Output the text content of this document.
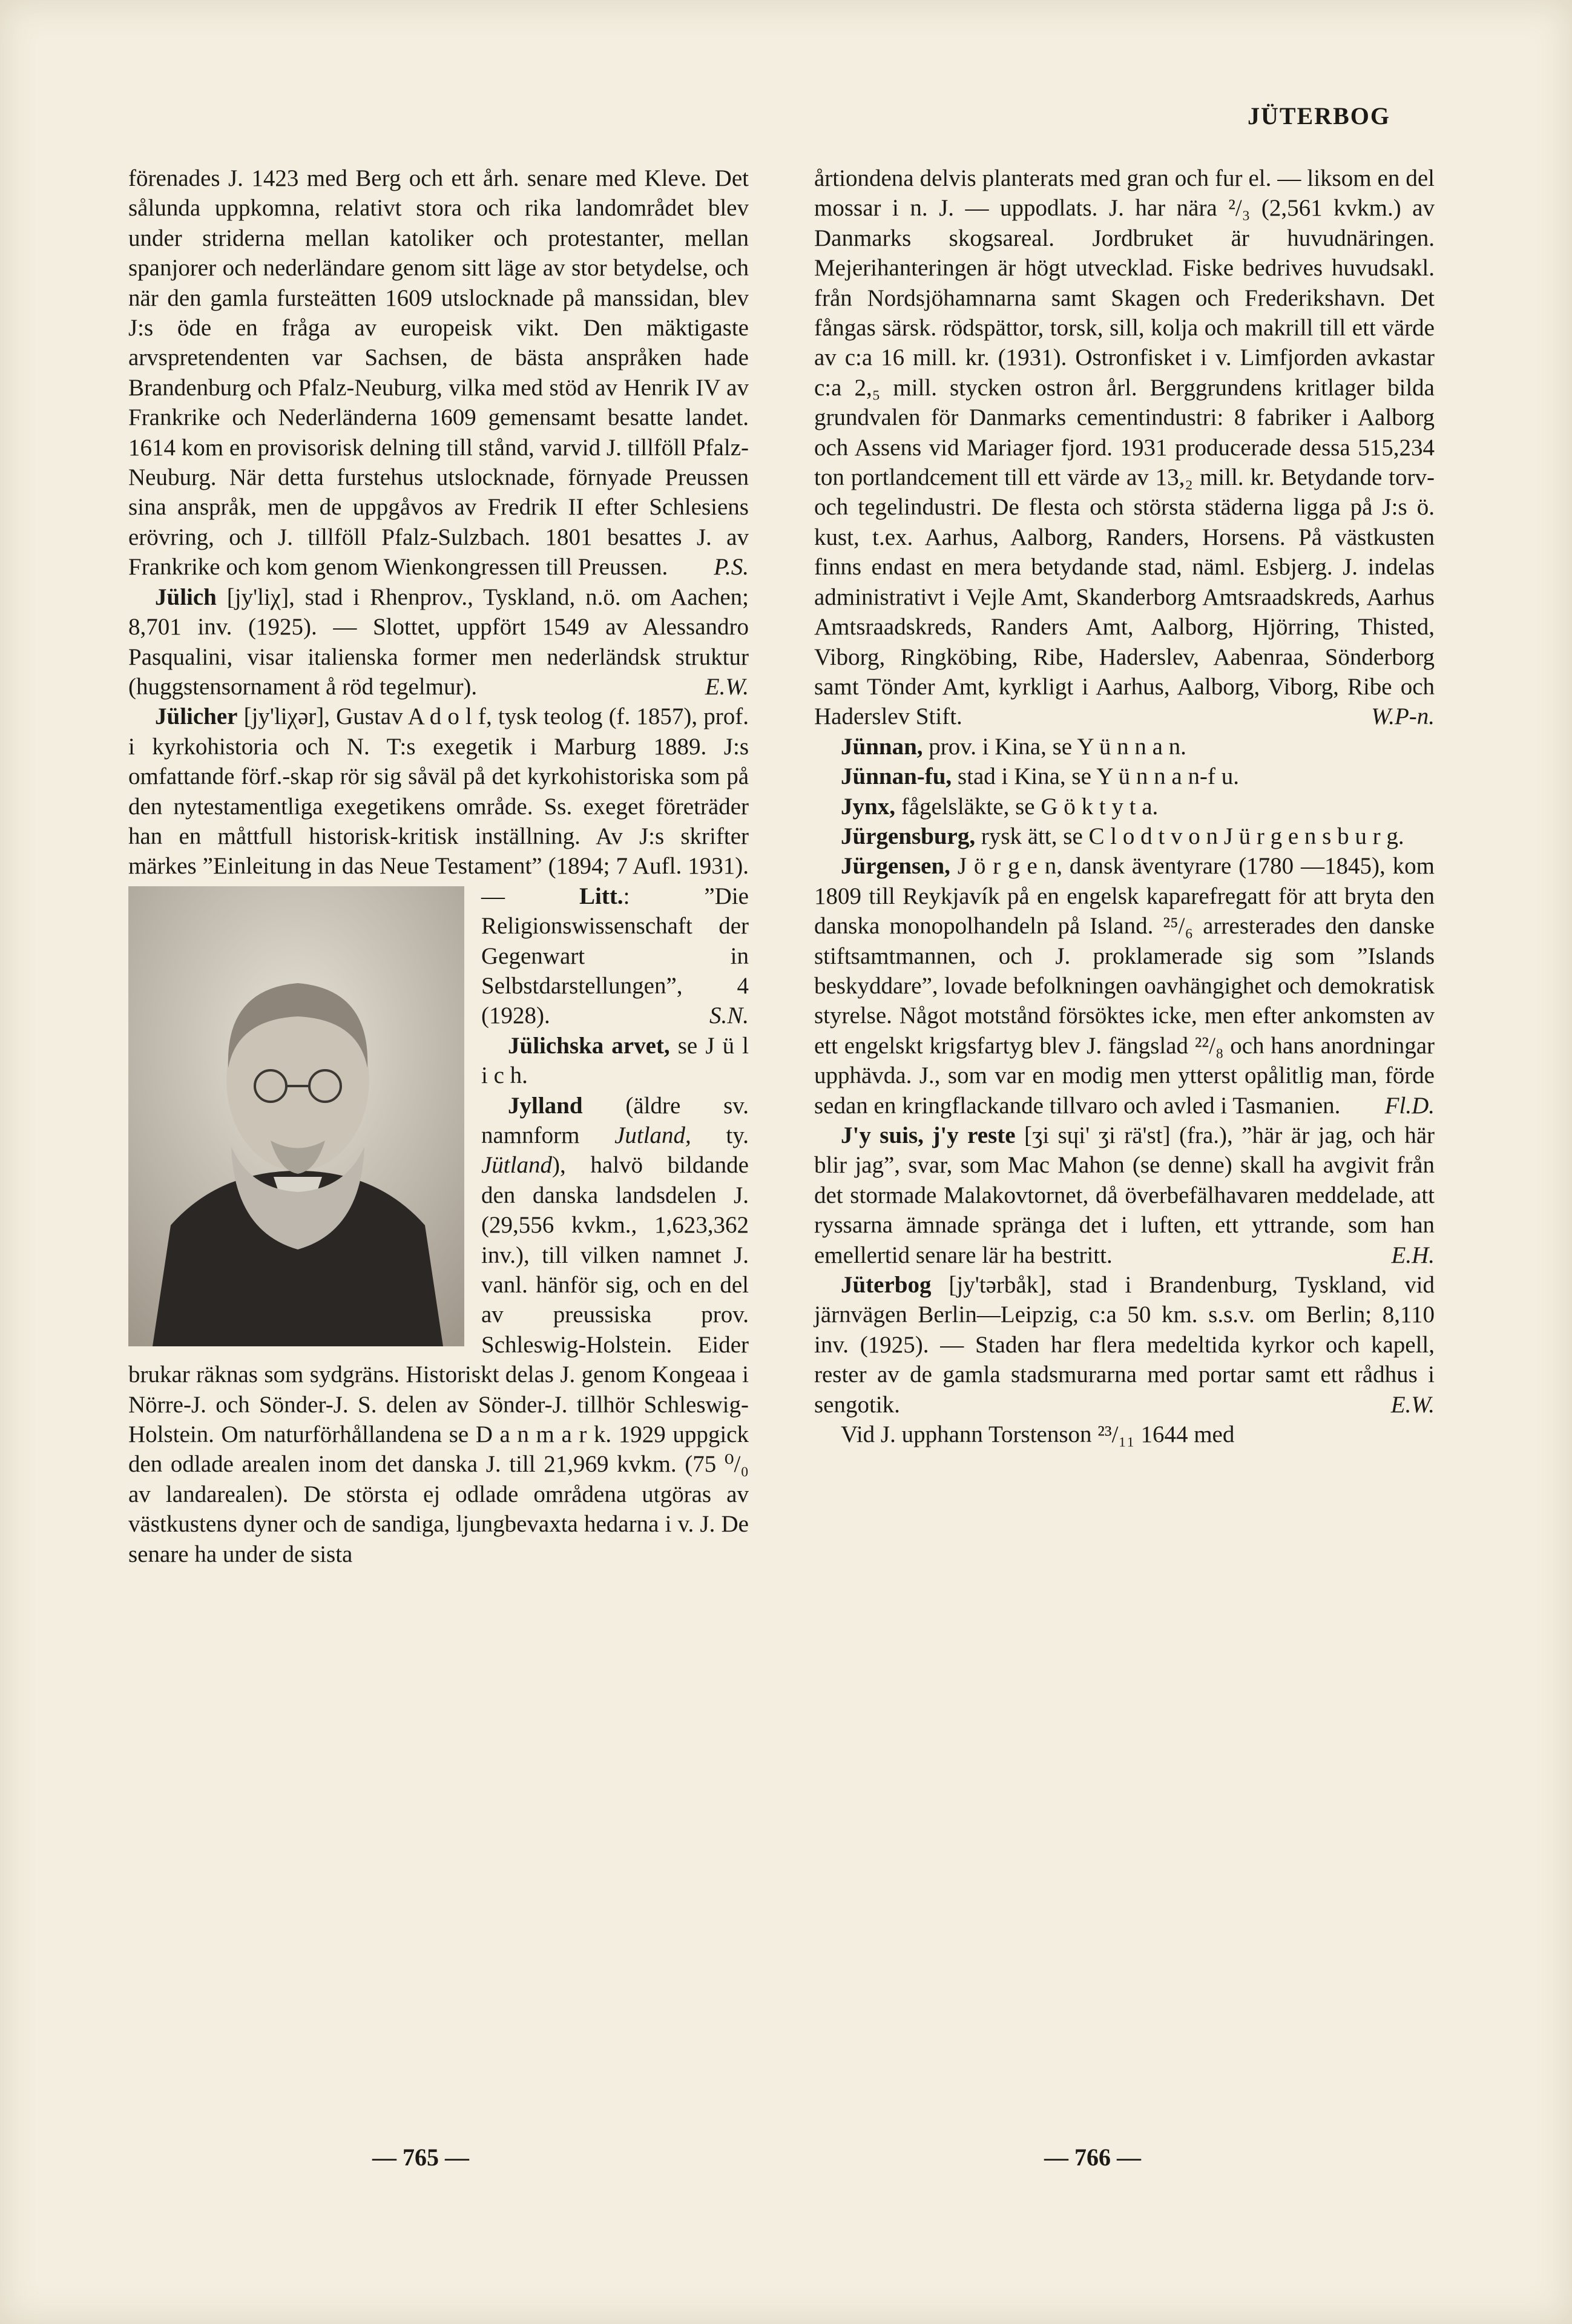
JÜTERBOG

förenades J. 1423 med Berg och ett årh. senare med Kleve. Det sålunda uppkomna, relativt stora och rika landområdet blev under striderna mellan katoliker och protestanter, mellan spanjorer och nederländare genom sitt läge av stor betydelse, och när den gamla fursteätten 1609 utslocknade på manssidan, blev J:s öde en fråga av europeisk vikt. Den mäktigaste arvspretendenten var Sachsen, de bästa anspråken hade Brandenburg och Pfalz-Neuburg, vilka med stöd av Henrik IV av Frankrike och Nederländerna 1609 gemensamt besatte landet. 1614 kom en provisorisk delning till stånd, varvid J. tillföll Pfalz-Neuburg. När detta furstehus utslocknade, förnyade Preussen sina anspråk, men de uppgåvos av Fredrik II efter Schlesiens erövring, och J. tillföll Pfalz-Sulzbach. 1801 besattes J. av Frankrike och kom genom Wienkongressen till Preussen.	P.S.

Jülich [jy'liχ], stad i Rhenprov., Tyskland, n.ö. om Aachen; 8,701 inv. (1925). — Slottet, uppfört 1549 av Alessandro Pasqualini, visar italienska former men nederländsk struktur (huggstensornament å röd tegelmur).	E.W.

Jülicher [jy'liχər], Gustav A d o l f, tysk teolog (f. 1857), prof. i kyrkohistoria och N. T:s exegetik i Marburg 1889. J:s omfattande förf.-skap rör sig såväl på det kyrkohistoriska som på den nytestamentliga exegetikens område. Ss. exeget företräder han en måttfull historisk-kritisk inställning. Av J:s skrifter märkes ”Einleitung in das Neue Testament” (1894; 7 Aufl. 1931). —
Litt.: ”Die Religionswissenschaft der Gegenwart in Selbstdarstellungen”, 4 (1928).	S.N.

Jülichska arvet, se J ü l i c h.

Jylland (äldre sv. namnform Jutland, ty. Jütland), halvö bildande den danska landsdelen J. (29,556 kvkm., 1,623,362 inv.), till vilken namnet J. vanl. hänför sig, och en del av preussiska prov. Schleswig-Holstein. Eider brukar räknas som sydgräns. Historiskt delas J. genom Kongeaa i Nörre-J. och Sönder-J. S. delen av Sönder-J. tillhör Schleswig-Holstein. Om naturförhållandena se D a n m a r k. 1929 uppgick den odlade arealen inom det danska J. till 21,969 kvkm. (75 ⁰/₀ av landarealen). De största ej odlade områdena utgöras av västkustens dyner och de sandiga, ljungbevaxta hedarna i v. J. De senare ha under de sista

årtiondena delvis planterats med gran och fur el. — liksom en del mossar i n. J. — uppodlats. J. har nära ²/₃ (2,561 kvkm.) av Danmarks skogsareal. Jordbruket är huvudnäringen. Mejerihanteringen är högt utvecklad. Fiske bedrives huvudsakl. från Nordsjöhamnarna samt Skagen och Frederikshavn. Det fångas särsk. rödspättor, torsk, sill, kolja och makrill till ett värde av c:a 16 mill. kr. (1931). Ostronfisket i v. Limfjorden avkastar c:a 2,₅ mill. stycken ostron årl. Berggrundens kritlager bilda grundvalen för Danmarks cementindustri: 8 fabriker i Aalborg och Assens vid Mariager fjord. 1931 producerade dessa 515,234 ton portlandcement till ett värde av 13,₂ mill. kr. Betydande torv- och tegelindustri. De flesta och största städerna ligga på J:s ö. kust, t.ex. Aarhus, Aalborg, Randers, Horsens. På västkusten finns endast en mera betydande stad, näml. Esbjerg. J. indelas administrativt i Vejle Amt, Skanderborg Amtsraadskreds, Aarhus Amtsraadskreds, Randers Amt, Aalborg, Hjörring, Thisted, Viborg, Ringköbing, Ribe, Haderslev, Aabenraa, Sönderborg samt Tönder Amt, kyrkligt i Aarhus, Aalborg, Viborg, Ribe och Haderslev Stift.	W.P-n.

Jünnan, prov. i Kina, se Y ü n n a n.

Jünnan-fu, stad i Kina, se Y ü n n a n-f u.

Jynx, fågelsläkte, se G ö k t y t a.

Jürgensburg, rysk ätt, se C l o d t v o n J ü r g e n s b u r g.

Jürgensen, J ö r g e n, dansk äventyrare (1780 —1845), kom 1809 till Reykjavík på en engelsk kaparefregatt för att bryta den danska monopolhandeln på Island. ²⁵/₆ arresterades den danske stiftsamtmannen, och J. proklamerade sig som ”Islands beskyddare”, lovade befolkningen oavhängighet och demokratisk styrelse. Något motstånd försöktes icke, men efter ankomsten av ett engelskt krigsfartyg blev J. fängslad ²²/₈ och hans anordningar upphävda. J., som var en modig men ytterst opålitlig man, förde sedan en kringflackande tillvaro och avled i Tasmanien.	Fl.D.

J'y suis, j'y reste [ʒi sɥi' ʒi rä'st] (fra.), ”här är jag, och här blir jag”, svar, som Mac Mahon (se denne) skall ha avgivit från det stormade Malakovtornet, då överbefälhavaren meddelade, att ryssarna ämnade spränga det i luften, ett yttrande, som han emellertid senare lär ha bestritt.	E.H.

Jüterbog [jy'tərbåk], stad i Brandenburg, Tyskland, vid järnvägen Berlin—Leipzig, c:a 50 km. s.s.v. om Berlin; 8,110 inv. (1925). — Staden har flera medeltida kyrkor och kapell, rester av de gamla stadsmurarna med portar samt ett rådhus i sengotik.	E.W.

Vid J. upphann Torstenson ²³/₁₁ 1644 med

— 765 —	— 766 —
